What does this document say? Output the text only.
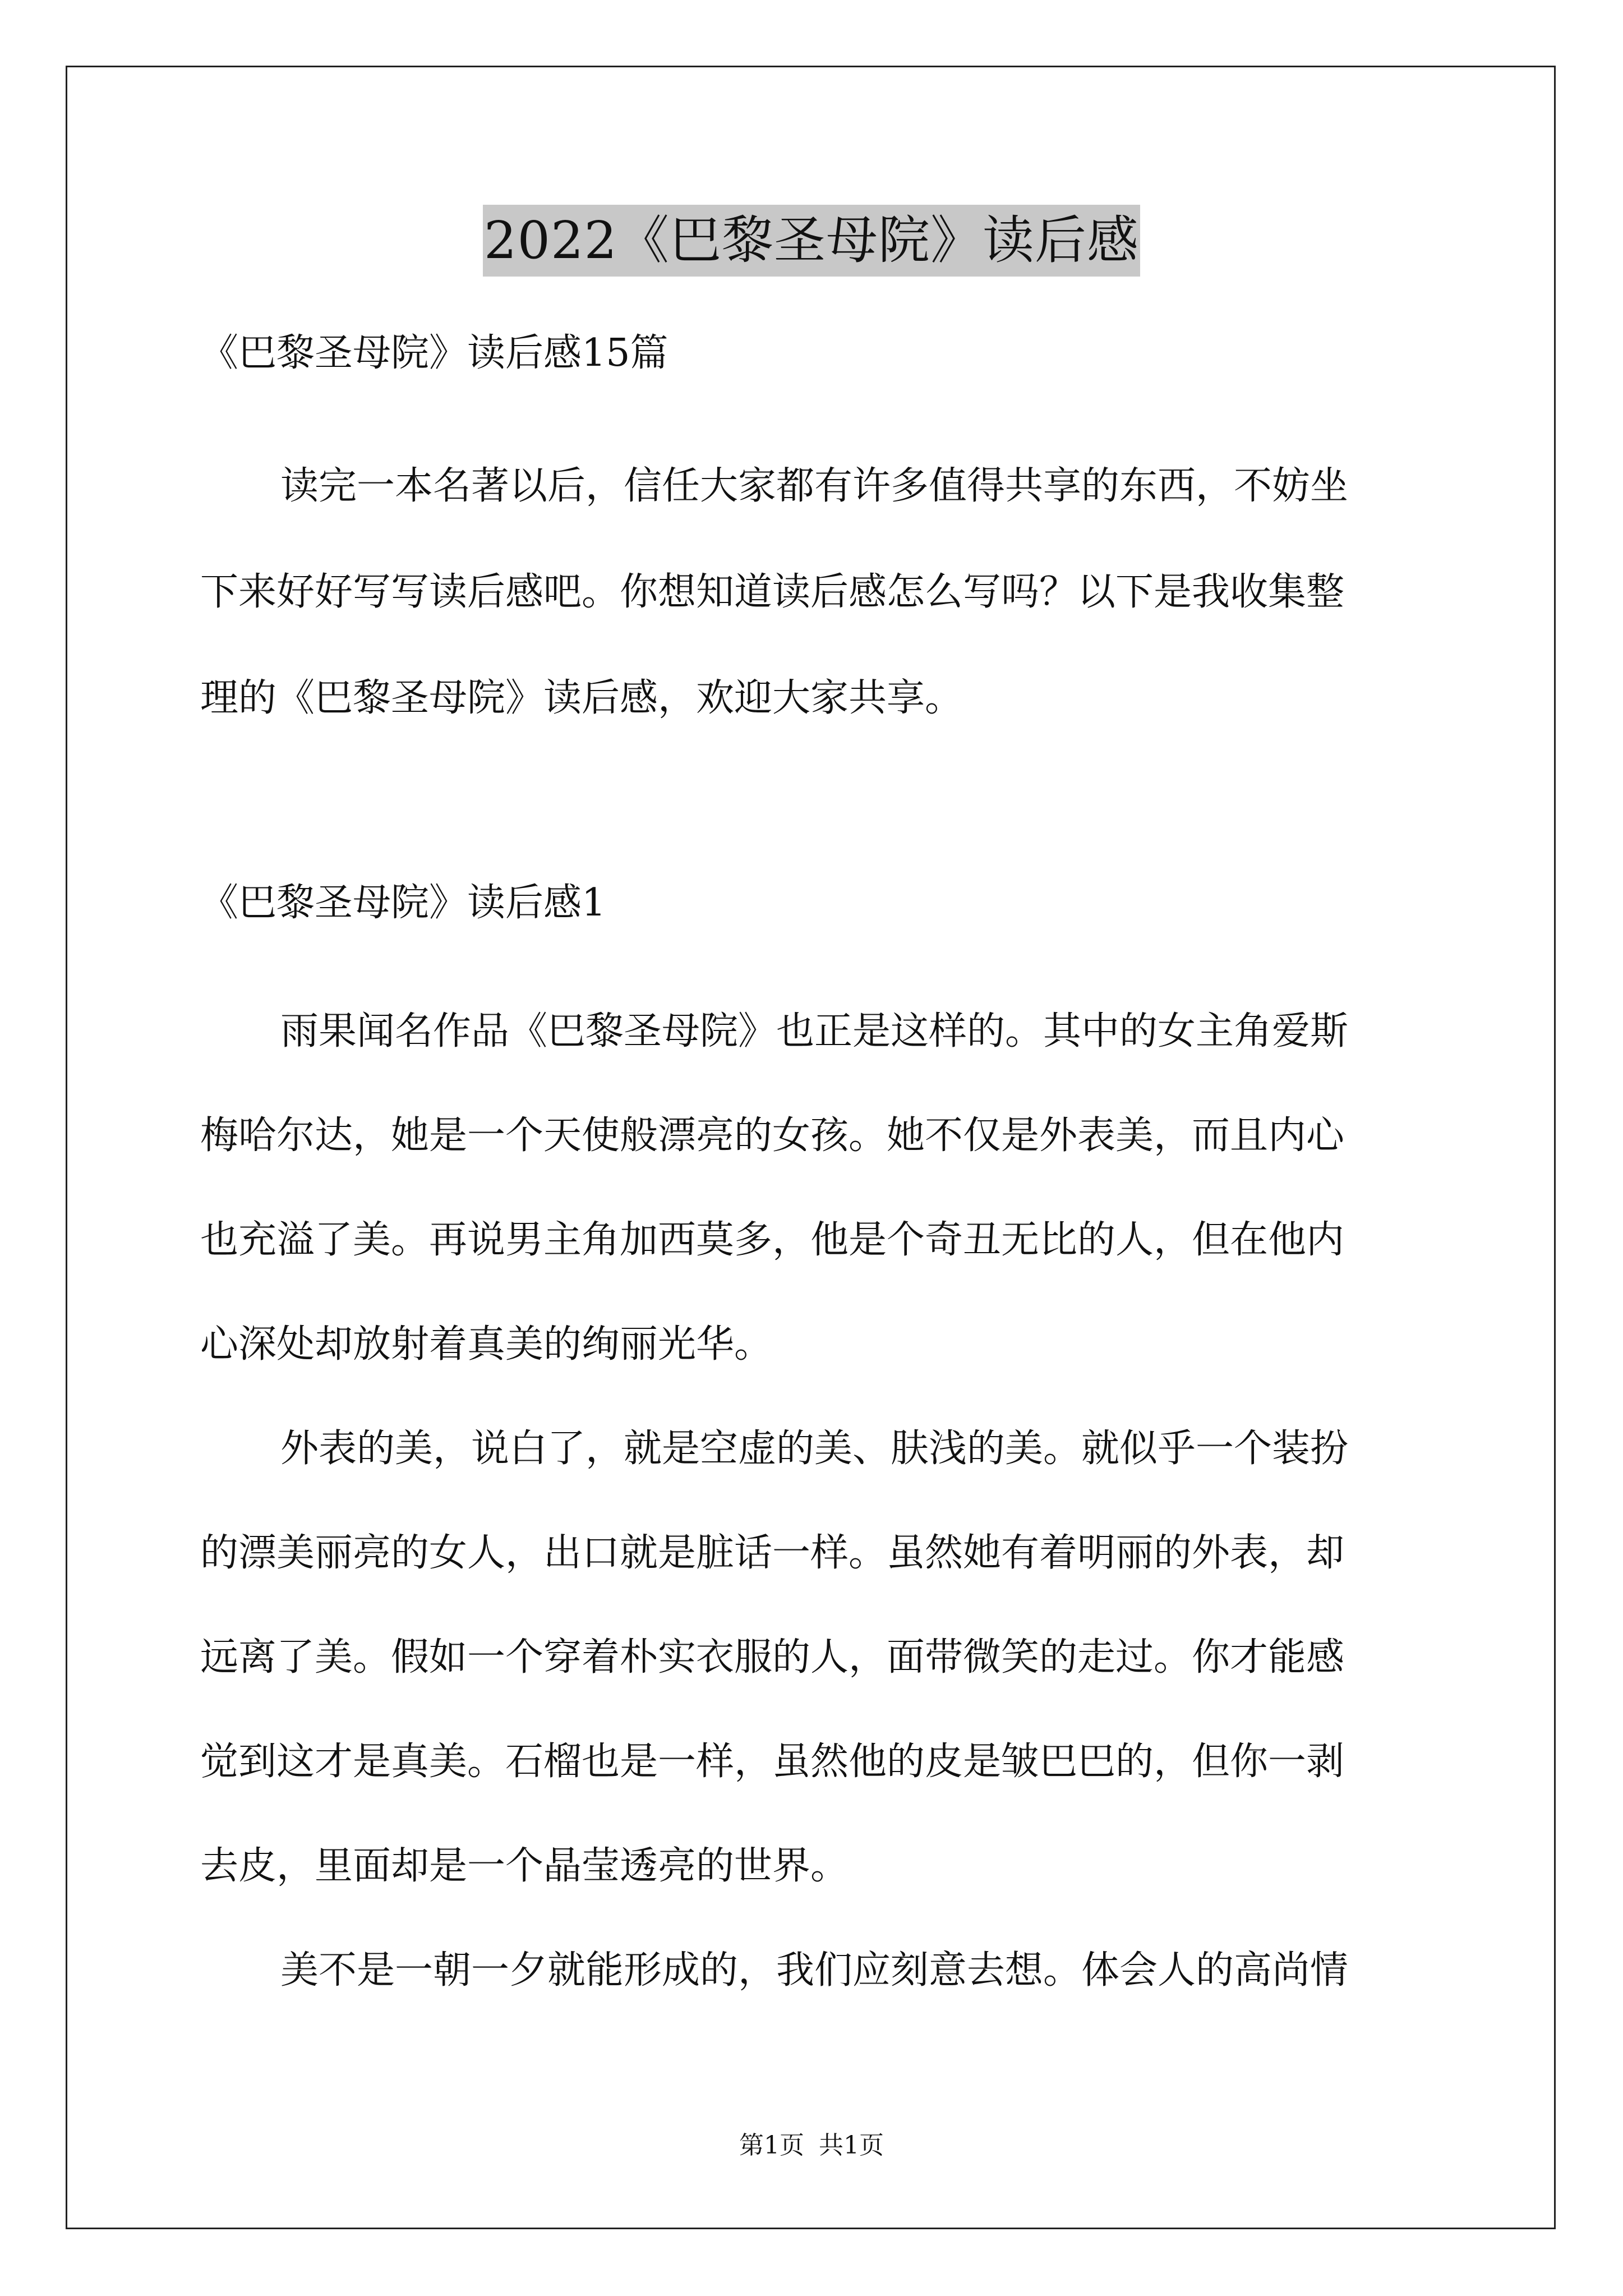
2022《巴黎圣母院》读后感
《巴黎圣母院》读后感15篇
读完一本名著以后，信任大家都有许多值得共享的东西，不妨坐
下来好好写写读后感吧。你想知道读后感怎么写吗？以下是我收集整
理的《巴黎圣母院》读后感，欢迎大家共享。
《巴黎圣母院》读后感1
雨果闻名作品《巴黎圣母院》也正是这样的。其中的女主角爱斯
梅哈尔达，她是一个天使般漂亮的女孩。她不仅是外表美，而且内心
也充溢了美。再说男主角加西莫多，他是个奇丑无比的人，但在他内
心深处却放射着真美的绚丽光华。
外表的美，说白了，就是空虚的美、肤浅的美。就似乎一个装扮
的漂美丽亮的女人，出口就是脏话一样。虽然她有着明丽的外表，却
远离了美。假如一个穿着朴实衣服的人，面带微笑的走过。你才能感
觉到这才是真美。石榴也是一样，虽然他的皮是皱巴巴的，但你一剥
去皮，里面却是一个晶莹透亮的世界。
美不是一朝一夕就能形成的，我们应刻意去想。体会人的高尚情
第1页 共1页
